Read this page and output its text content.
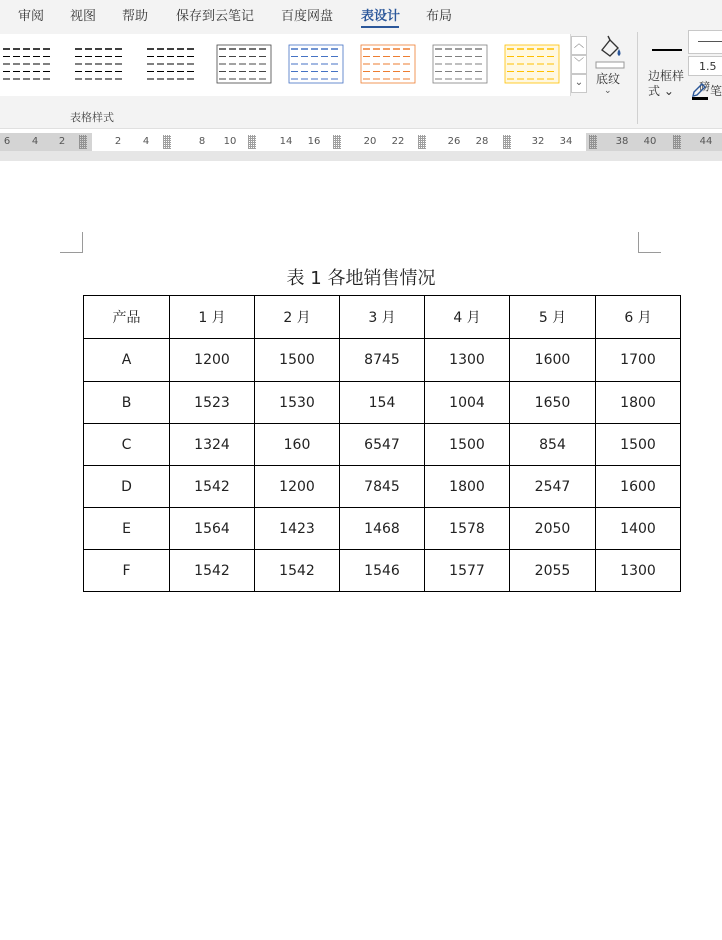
审阅 视图 帮助 保存到云笔记 百度网盘 表设计 布局
︿
﹀
⌄
表格样式
底纹
⌄
边框样
式 ⌄
1.5 磅 笔
6 4 2	2 4	8 10	14 16	20 22	26 28	32 34	38 40	44
表 1 各地销售情况
产品	1 月	2 月	3 月	4 月	5 月	6 月
A	1200	1500	8745	1300	1600	1700
B	1523	1530	154	1004	1650	1800
C	1324	160	6547	1500	854	1500
D	1542	1200	7845	1800	2547	1600
E	1564	1423	1468	1578	2050	1400
F	1542	1542	1546	1577	2055	1300
